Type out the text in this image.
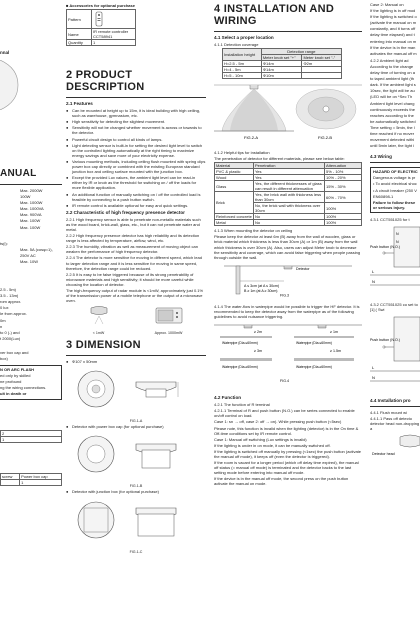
nnal
ANUAL
Max. 2000W
100W
Max. 1000W
Max. 1000VA
Max. 900VA
Max. 100W
Max. 100W
ts(i):
Max. 5A (cosφ=1),
250V AC
Max. 10W
2.5 - 5m)
3.5 - 13m)
rom approx.
0 lux
Ie from approx.
0m
n
to 0 (-) and
t 2000(Lux)
ver box cap and
box)
N OR ARC FLASH
ed only by skilled
ne profound
ng the wiring connections.
ult in death or
2
1
screw	Power box cap
	1
■ Accessories for optional purchase
Pattern	
Name	IR remote controller CCT58941
Quantity	1
2 PRODUCT DESCRIPTION
2.1 Features
● Can be mounted at height up to 15m, it is ideal building with high ceiling, such as warehouse, gymnasium, etc.
● High sensitivity for detecting the slightest movement.
● Sensitivity will not be changed whether movement is across or towards to the detector.
● Powerful circuit design to control all kinds of lamps.
● Light detecting sensor is built-in for setting the desired light level to switch on the controlled lighting automatically at the right timing to maximize energy savings and save more of your electricity expense.
● Various mounting methods, including ceiling flush mounted with spring clips power box cap directly or combined with the existing European standard junction box and ceiling surface mounted with the junction box.
● Except the provided Lux values, the ambient light level can be read-in either by IR or knob as the threshold for switching on / off the loads for more flexible application.
● An additional function of manually switching on / off the controlled load is feasible by connecting to a push button switch.
● IR remote control is available optional for easy and quick settings.
2.2 Characteristic of high frequency presence detector
2.2.1 High frequency sensor is able to penetrate non-metallic materials such as the wood board, brick-wall, glass, etc., but it can not penetrate water and metal.
2.2.2 High frequency presence detector has high reliability and its detection range is less affected by temperature, airflow, wind, etc.
2.2.3 The humidity, vibration as well as measurement of moving object can weaken the performance of high frequency detector.
2.2.4 The detector is more sensitive for moving in different speed, which lead to larger detection range and it is less sensitive for moving in same speed, therefore, the detection range could be reduced.
2.2.5 It is easy to be false triggered because of its strong penetrability of microwave materials and high sensitivity; it should be more careful while choosing the location of detector.
The high-frequency output of radar module is <1mW, approximately just 0.1% of the transmission power of a mobile telephone or the output of a microwave oven.
< 1mW	Approx. 1000mW
3 DIMENSION
● Φ107 x 50mm
FIG.1-A
● Detector with power box cap (for optional purchase)
FIG.1-B
● Detector with junction box (for optional purchase)
FIG.1-C
4 INSTALLATION AND WIRING
4.1 Select a proper location
4.1.1 Detection coverage
Installation height	Detection range	
	Meter knob set "+"	Meter knob set "-"
H=2.5 - 5m	Φ14m	Φ2m
H=4 - 5m	Φ14m	
H=5 - 10m	Φ10m	
FIG.2-A	FIG.2-B
4.1.2 Helpful tips for installation
The penetration of detector for different materials, please see below table:
Material	Penetration	Attenuation
PVC & plastic	Yes	5% - 10%
Wood	Yes	10% - 20%
Glass	Yes, the different thicknesses of glass can result in different attenuation	15% - 30%
Brick	Yes, the brick wall with thickness less than 30cm	60% - 70%
	No, the brick wall with thickness over 30cm	100%
Reinforced concrete	No	100%
Metal	No	100%
4.1.3 When mounting the detector on ceiling
Please keep the detector at least 6m (B) away from the wall of wooden, glass or brick material which thickness is less than 30cm (A) or 1m (B) away from the wall which thickness is over 30cm (A). Also, users can adjust Meter knob to decrease the sensitivity and coverage, which can avoid false triggering when people passing through outside the wall.
Detector
A ≤ 3cm (at A ≤ 30cm)
B ≥ 1m (at A ≥ 30cm)
FIG.3
4.1.4 The water-flow in waterpipe would be possible to trigger the HF detector. It is recommended to keep the detector away from the waterpipe as of the following guidelines to avoid nuisance triggering.
≥ 2m
≥ 3m
≥ 1m
≥ 1.5m
Waterpipe (Dia.≤60mm)
Waterpipe (Dia.≥60mm)
Waterpipe (Dia.≤60mm)
Waterpipe (Dia.≥60mm)
FIG.4
4.2 Function
4.2.1 The function of R terminal
4.2.1.1 Terminal of R and push button (N.O.) can be series connected to enable on/off control on load.
Case 1: sn → off, case 2: off → on). While pressing push button (<5sec)
Please note, this function is invalid when the lighting (detector) is in the On time & Off-time conditions set by IR remote control.
Case 1: Manual off switching (Lux settings is invalid)
If the lighting is under in on mode, it can be manually switched off.
If the lighting is switched off manually by pressing (<1sec) the push button (activate the manual off mode), it keeps off (even the detector is triggered).
If the room is vacant for a longer period (which off delay time expired), the manual off status (= manual off mode) is terminated and the detector backs to the last setting mode before entering into manual off mode.
If the device is in the manual off mode, the second press on the push button activate the manual on mode.
Case 2: Manual on
If the lighting is in off mod
If the lighting is switched o
(activate the manual on m
constantly, and it turns off
delay time elapsed) and t
entering into manual on m
If the device is in the man
activates the manual off m
4.2.2 Ambient light ad
According to the change
delay time of turning on a
to taped ambient light (th
dark. If the ambient light s
10sec, the light will be au
(LED will be on *Sec Th
Ambient light level chang
continuously exceeds the
reaches according to the
be automatically switched
Time setting = 5min, the l
time reached if no mover
movement detected withi
until 5min later, the light i
4.3 Wiring
HAZARD OF ELECTRIC
Dangerous voltage is pr
• To avoid electrical shoc
• A circuit breaker (250 V
EN60898-1
Failure to follow these or serious injury.
4.3.1 CCT551025 for t
Push button (N.O.)
L
N
N
N
4.3.2 CCT551025 co set to [1] ( Swi
Push button (N.O.)
L
N
4.4 Installation pro
4.4.1 Flush mount wi
4.4.1.1 Pass off detecto detector head non-dropping a
Detector head
